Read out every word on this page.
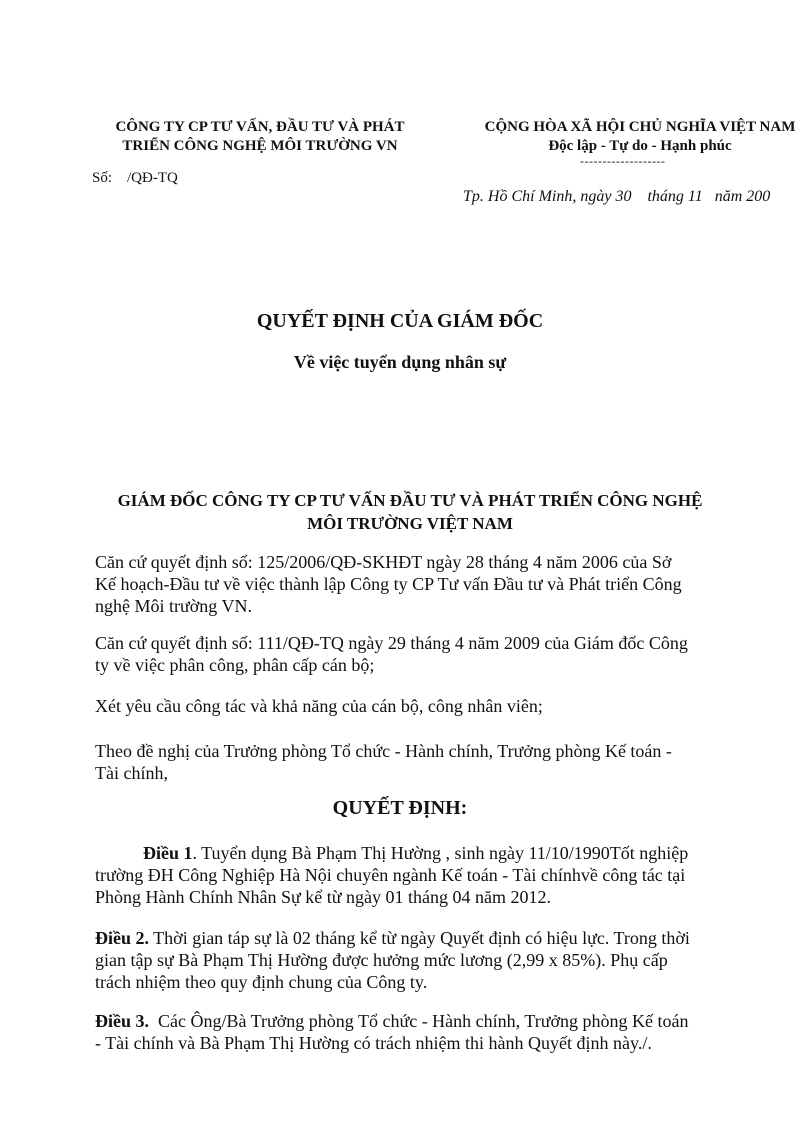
CÔNG TY CP TƯ VẤN, ĐẦU TƯ VÀ PHÁT
TRIỂN CÔNG NGHỆ MÔI TRƯỜNG VN
CỘNG HÒA XÃ HỘI CHỦ NGHĨA VIỆT NAM
Độc lập - Tự do - Hạnh phúc
-------------------
Số:    /QĐ-TQ
Tp. Hồ Chí Minh, ngày 30    tháng 11   năm 200
QUYẾT ĐỊNH CỦA GIÁM ĐỐC
Về việc tuyển dụng nhân sự
GIÁM ĐỐC CÔNG TY CP TƯ VẤN ĐẦU TƯ VÀ PHÁT TRIỂN CÔNG NGHỆ
MÔI TRƯỜNG VIỆT NAM
Căn cứ quyết định số: 125/2006/QĐ-SKHĐT ngày 28 tháng 4 năm 2006 của Sở
Kế hoạch-Đầu tư về việc thành lập Công ty CP Tư vấn Đầu tư và Phát triển Công
nghệ Môi trường VN.
Căn cứ quyết định số: 111/QĐ-TQ ngày 29 tháng 4 năm 2009 của Giám đốc Công
ty về việc phân công, phân cấp cán bộ;
Xét yêu cầu công tác và khả năng của cán bộ, công nhân viên;
Theo đề nghị của Trưởng phòng Tổ chức - Hành chính, Trưởng phòng Kế toán -
Tài chính,
QUYẾT ĐỊNH:
Điều 1. Tuyển dụng Bà Phạm Thị Hường , sinh ngày 11/10/1990Tốt nghiệp
trường ĐH Công Nghiệp Hà Nội chuyên ngành Kế toán - Tài chínhvề công tác tại
Phòng Hành Chính Nhân Sự kể từ ngày 01 tháng 04 năm 2012.
Điều 2. Thời gian táp sự là 02 tháng kể từ ngày Quyết định có hiệu lực. Trong thời
gian tập sự Bà Phạm Thị Hường được hưởng mức lương (2,99 x 85%). Phụ cấp
trách nhiệm theo quy định chung của Công ty.
Điều 3.  Các Ông/Bà Trưởng phòng Tổ chức - Hành chính, Trưởng phòng Kế toán
- Tài chính và Bà Phạm Thị Hường có trách nhiệm thi hành Quyết định này./.
